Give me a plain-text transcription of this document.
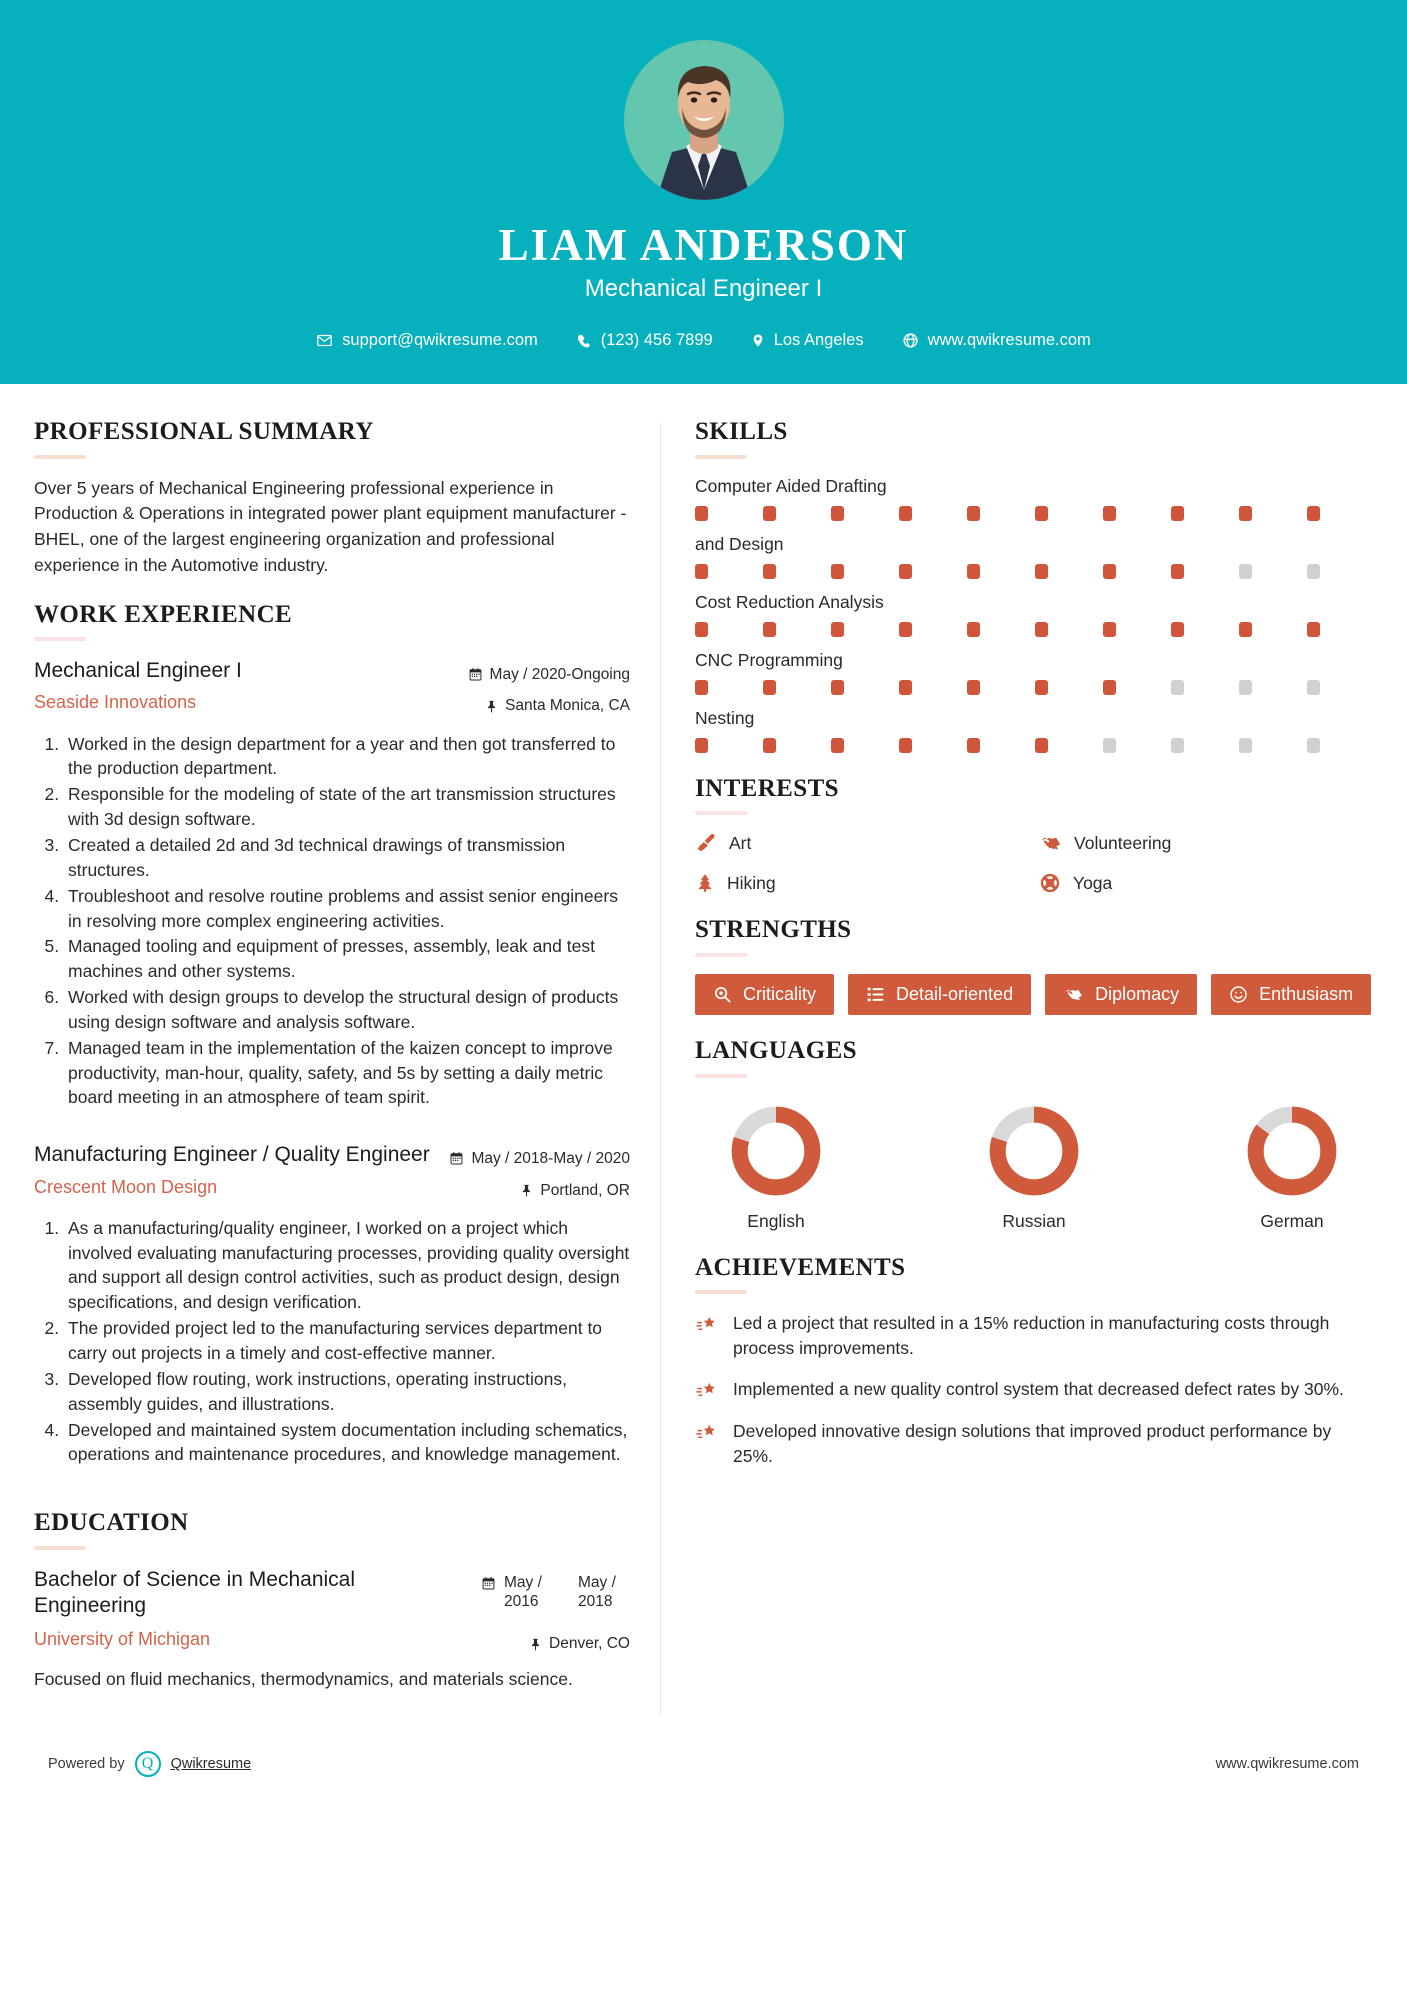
LIAM ANDERSON
Mechanical Engineer I
support@qwikresume.com	(123) 456 7899	Los Angeles	www.qwikresume.com
PROFESSIONAL SUMMARY
Over 5 years of Mechanical Engineering professional experience in Production & Operations in integrated power plant equipment manufacturer - BHEL, one of the largest engineering organization and professional experience in the Automotive industry.
WORK EXPERIENCE
Mechanical Engineer I
Seaside Innovations
May / 2020-Ongoing
Santa Monica, CA
1. Worked in the design department for a year and then got transferred to the production department.
2. Responsible for the modeling of state of the art transmission structures with 3d design software.
3. Created a detailed 2d and 3d technical drawings of transmission structures.
4. Troubleshoot and resolve routine problems and assist senior engineers in resolving more complex engineering activities.
5. Managed tooling and equipment of presses, assembly, leak and test machines and other systems.
6. Worked with design groups to develop the structural design of products using design software and analysis software.
7. Managed team in the implementation of the kaizen concept to improve productivity, man-hour, quality, safety, and 5s by setting a daily metric board meeting in an atmosphere of team spirit.
Manufacturing Engineer / Quality Engineer
Crescent Moon Design
May / 2018-May / 2020
Portland, OR
1. As a manufacturing/quality engineer, I worked on a project which involved evaluating manufacturing processes, providing quality oversight and support all design control activities, such as product design, design specifications, and design verification.
2. The provided project led to the manufacturing services department to carry out projects in a timely and cost-effective manner.
3. Developed flow routing, work instructions, operating instructions, assembly guides, and illustrations.
4. Developed and maintained system documentation including schematics, operations and maintenance procedures, and knowledge management.
EDUCATION
Bachelor of Science in Mechanical Engineering
University of Michigan
May /
2016
May /
2018
Denver, CO
Focused on fluid mechanics, thermodynamics, and materials science.
SKILLS
Computer Aided Drafting
and Design
Cost Reduction Analysis
CNC Programming
Nesting
INTERESTS
Art	Volunteering
Hiking	Yoga
STRENGTHS
Criticality	Detail-oriented	Diplomacy	Enthusiasm
LANGUAGES
English	Russian	German
ACHIEVEMENTS
Led a project that resulted in a 15% reduction in manufacturing costs through process improvements.
Implemented a new quality control system that decreased defect rates by 30%.
Developed innovative design solutions that improved product performance by 25%.
Powered by	Q	Qwikresume	www.qwikresume.com
